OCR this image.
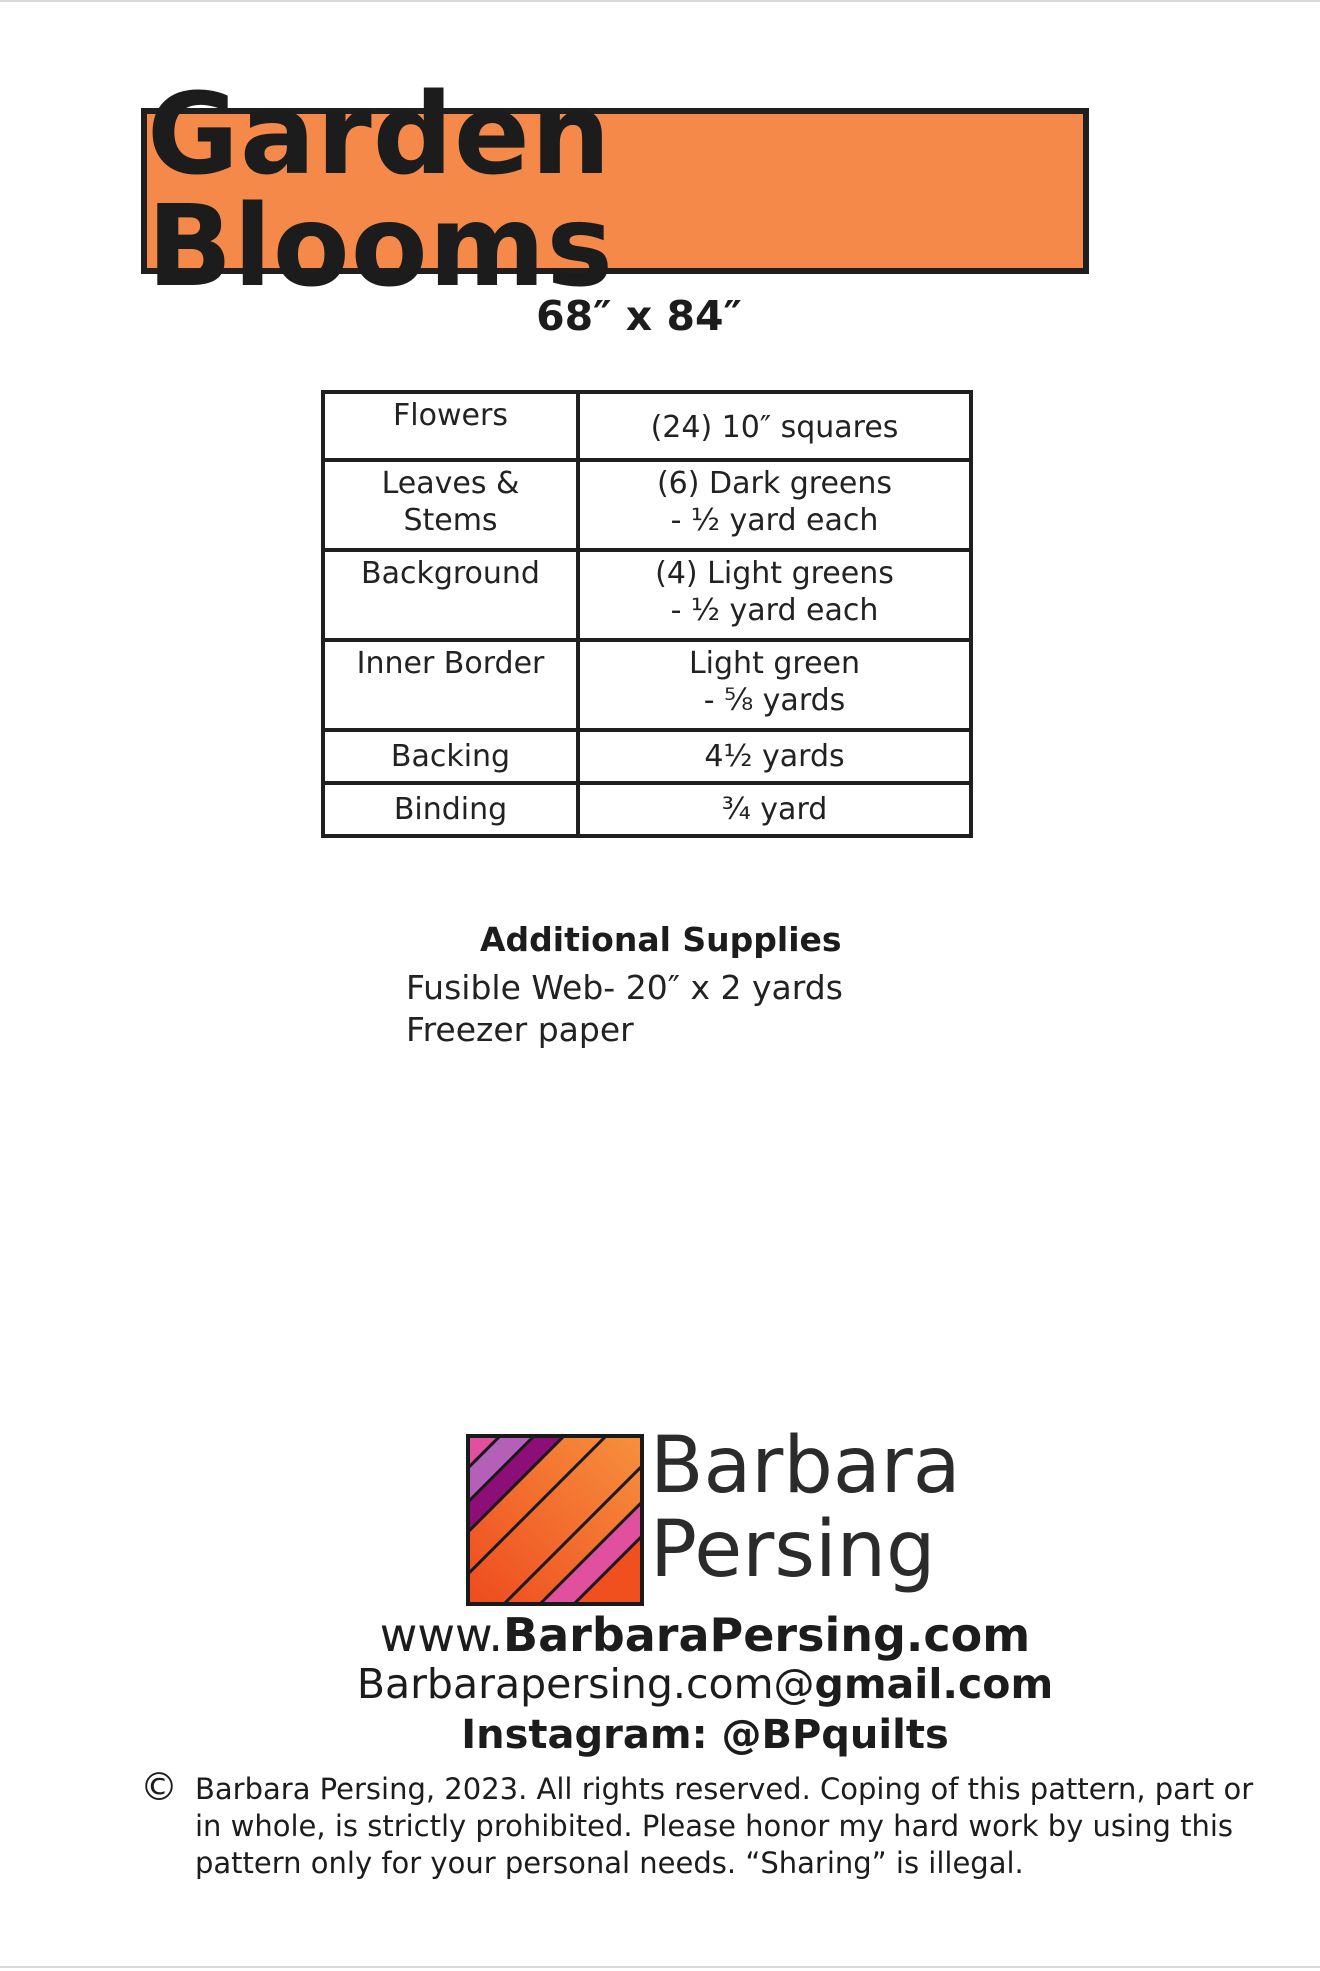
Garden Blooms
68″ x 84″
Flowers	(24) 10″ squares
Leaves &
Stems	(6) Dark greens
- ½ yard each
Background	(4) Light greens
- ½ yard each
Inner Border	Light green
- ⅝ yards
Backing	4½ yards
Binding	¾ yard
Additional Supplies
Fusible Web- 20″ x 2 yards
Freezer paper
Barbara
Persing
www.BarbaraPersing.com
Barbarapersing.com@gmail.com
Instagram: @BPquilts
© Barbara Persing, 2023. All rights reserved. Coping of this pattern, part or in whole, is strictly prohibited. Please honor my hard work by using this pattern only for your personal needs. “Sharing” is illegal.
